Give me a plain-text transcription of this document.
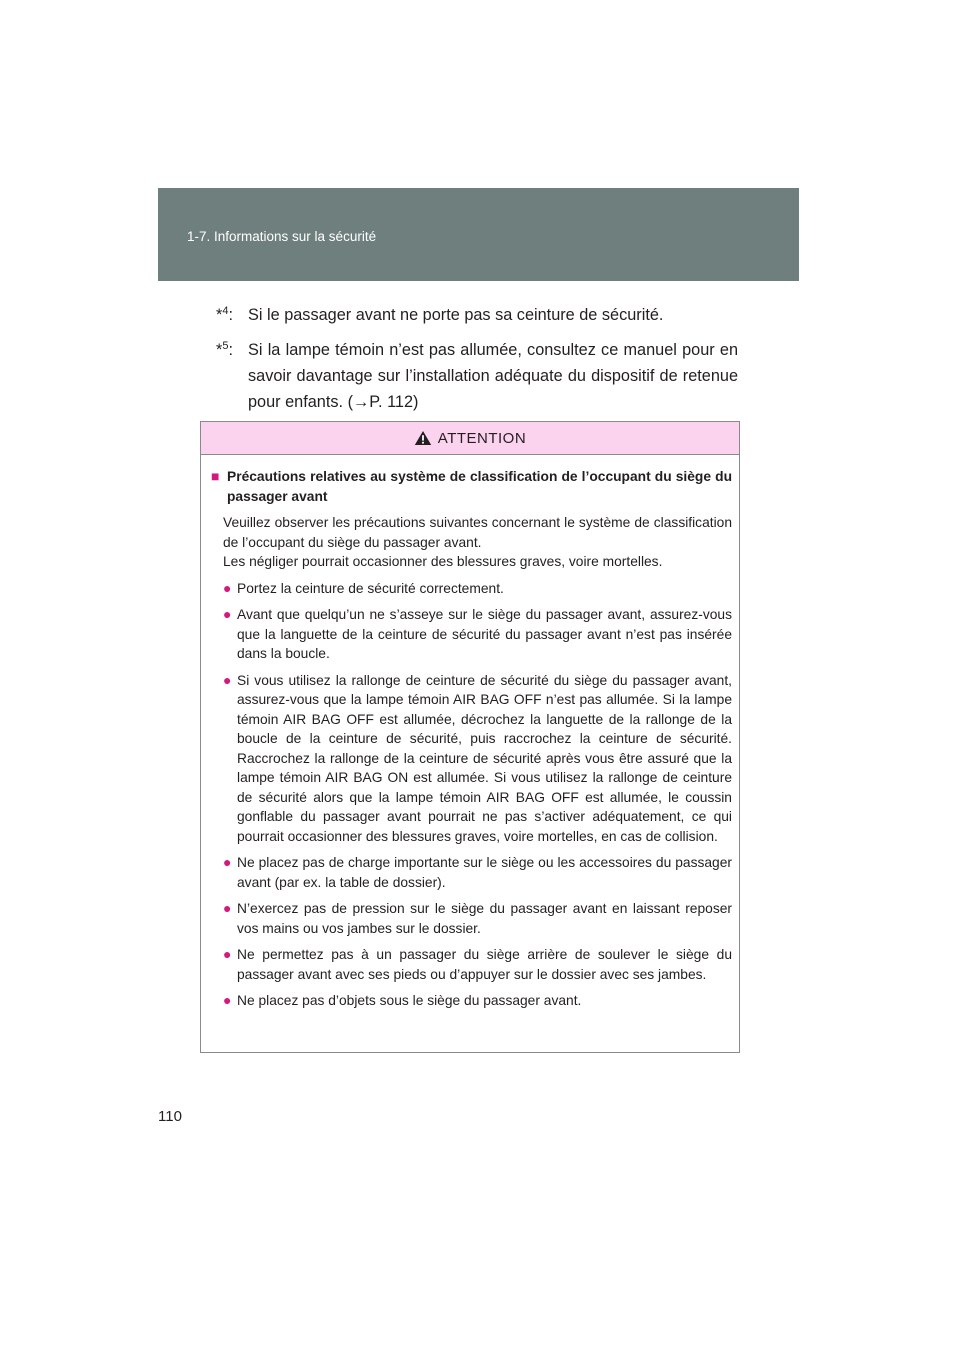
1-7. Informations sur la sécurité
*$^4$: Si le passager avant ne porte pas sa ceinture de sécurité.
*$^5$: Si la lampe témoin n’est pas allumée, consultez ce manuel pour en savoir davantage sur l’installation adéquate du dispositif de retenue pour enfants. (→P. 112)
ATTENTION
■ Précautions relatives au système de classification de l’occupant du siège du passager avant
Veuillez observer les précautions suivantes concernant le système de classification de l’occupant du siège du passager avant.
Les négliger pourrait occasionner des blessures graves, voire mortelles.
● Portez la ceinture de sécurité correctement.
● Avant que quelqu’un ne s’asseye sur le siège du passager avant, assurez-vous que la languette de la ceinture de sécurité du passager avant n’est pas insérée dans la boucle.
● Si vous utilisez la rallonge de ceinture de sécurité du siège du passager avant, assurez-vous que la lampe témoin AIR BAG OFF n’est pas allumée. Si la lampe témoin AIR BAG OFF est allumée, décrochez la languette de la rallonge de la boucle de la ceinture de sécurité, puis raccrochez la ceinture de sécurité. Raccrochez la rallonge de la ceinture de sécurité après vous être assuré que la lampe témoin AIR BAG ON est allumée. Si vous utilisez la rallonge de ceinture de sécurité alors que la lampe témoin AIR BAG OFF est allumée, le coussin gonflable du passager avant pourrait ne pas s’activer adéquatement, ce qui pourrait occasionner des blessures graves, voire mortelles, en cas de collision.
● Ne placez pas de charge importante sur le siège ou les accessoires du passager avant (par ex. la table de dossier).
● N’exercez pas de pression sur le siège du passager avant en laissant reposer vos mains ou vos jambes sur le dossier.
● Ne permettez pas à un passager du siège arrière de soulever le siège du passager avant avec ses pieds ou d’appuyer sur le dossier avec ses jambes.
● Ne placez pas d’objets sous le siège du passager avant.
110
